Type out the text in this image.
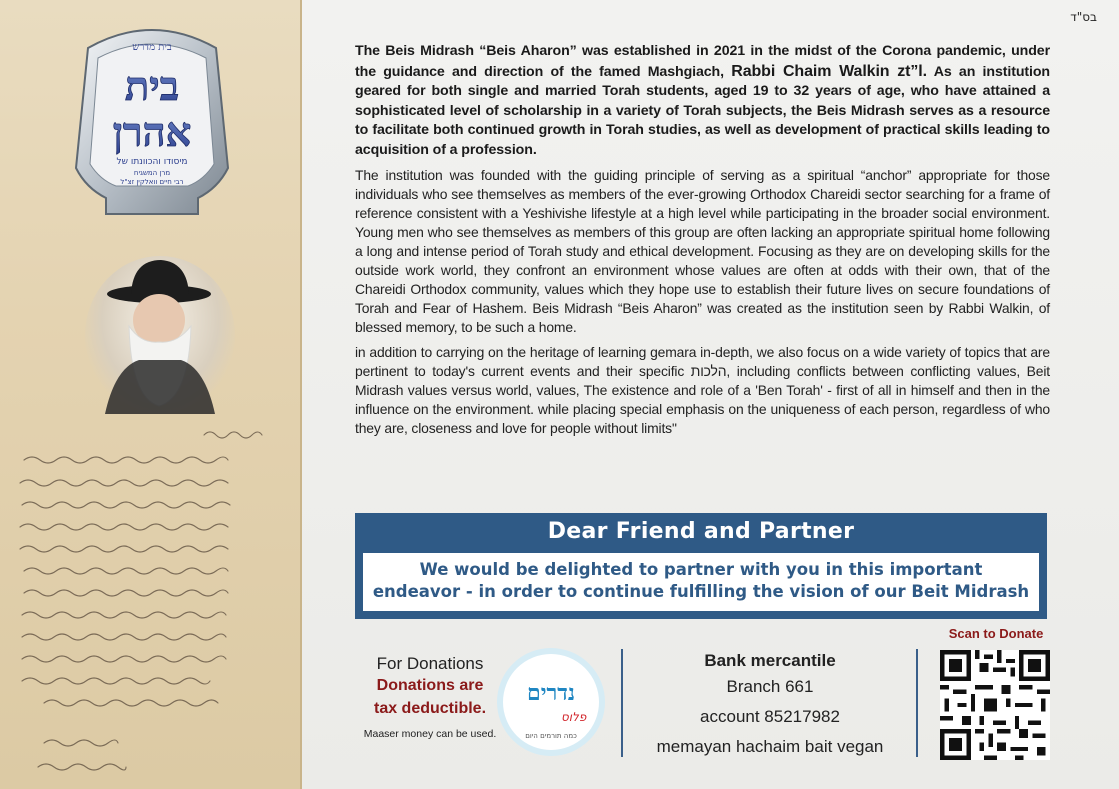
בית מדרש
בית
אהרן
מיסודו והכוונתו של
מרן המשגיח
רבי חיים וואלקין זצ"ל
בס"ד

The Beis Midrash “Beis Aharon” was established in 2021 in the midst of the Corona pandemic, under the guidance and direction of the famed Mashgiach, Rabbi Chaim Walkin zt”l. As an institution geared for both single and married Torah students, aged 19 to 32 years of age, who have attained a sophisticated level of scholarship in a variety of Torah subjects, the Beis Midrash serves as a resource to facilitate both continued growth in Torah studies, as well as development of practical skills leading to acquisition of a profession.

The institution was founded with the guiding principle of serving as a spiritual “anchor” appropriate for those individuals who see themselves as members of the ever-growing Orthodox Chareidi sector searching for a frame of reference consistent with a Yeshivishe lifestyle at a high level while participating in the broader social environment. Young men who see themselves as members of this group are often lacking an appropriate spiritual home following a long and intense period of Torah study and ethical development. Focusing as they are on developing skills for the outside work world, they confront an environment whose values are often at odds with their own, that of the Chareidi Orthodox community, values which they hope use to establish their future lives on secure foundations of Torah and Fear of Hashem. Beis Midrash “Beis Aharon” was created as the institution seen by Rabbi Walkin, of blessed memory, to be such a home.

in addition to carrying on the heritage of learning gemara in-depth, we also focus on a wide variety of topics that are pertinent to today's current events and their specific הלכות, including conflicts between conflicting values, Beit Midrash values versus world, values, The existence and role of a 'Ben Torah' - first of all in himself and then in the influence on the environment. while placing special emphasis on the uniqueness of each person, regardless of who they are, closeness and love for people without limits"

Dear Friend and Partner
We would be delighted to partner with you in this important
endeavor - in order to continue fulfilling the vision of our Beit Midrash
For Donations
Donations are
tax deductible.
Maaser money can be used.
נדרים
פלוס
כמה תורמים היום
Bank mercantile
Branch 661
account 85217982
memayan hachaim bait vegan
Scan to Donate
